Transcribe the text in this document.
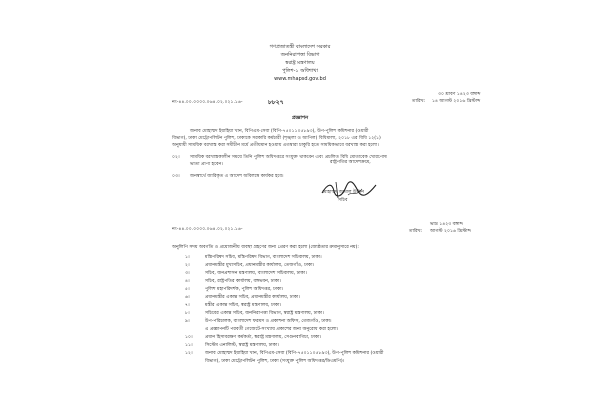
গণপ্রজাতন্ত্রী বাংলাদেশ সরকার
জননিরাপত্তা বিভাগ
স্বরাষ্ট্র মন্ত্রণালয়
পুলিশ-১ অধিশাখা
www.mhapsd.gov.bd
নং-৪৪.০০.০০০০.০৬৪.০২.০২১.১৬-	৮৮২৭
৩০ শ্রাবণ ১৪২৩ বঙ্গাব্দ
তারিখ: ১৪ আগস্ট ২০১৬ খ্রিস্টাব্দ
প্রজ্ঞাপন
জনাব মোহাম্মদ ইয়াহিয়া খান, বিপিএম-সেবা (বিপি-৭৫০১১০৫৮৯৩), উপ-পুলিশ কমিশনার (ওয়ারী
বিভাগ), ঢাকা মেট্রোপলিটন পুলিশ, ঢাকাকে সরকারি কর্মচারী (শৃঙ্খলা ও আপিল) বিধিমালা, ২০১৮ এর বিধি ১২(১)
অনুযায়ী সাময়িক বরখাস্ত করা সমীচীন মর্মে প্রতীয়মান হওয়ায় এতদ্বারা চাকুরি হতে সাময়িকভাবে বরখাস্ত করা হলো।
০২। সাময়িক বরখাস্তকালীন সময়ে তিনি পুলিশ অধিদপ্তরে সংযুক্ত থাকবেন এবং প্রচলিত বিধি মোতাবেক খোরপোষ
ভাতা প্রাপ্য হবেন।
০৩। জনস্বার্থে জারিকৃত এ আদেশ অবিলম্বে কার্যকর হবে।
রাষ্ট্রপতির আদেশক্রমে,
মোহাম্মদ জামাল উদ্দিন
সচিব
নং-৪৪.০০.০০০০.০৬৪.০২.০২১.১৬-	তারিখ:
ভাদ্র ১৪২৩ বঙ্গাব্দ
আগস্ট ২০১৬ খ্রিস্টাব্দ
অনুলিপি সদয় অবগতি ও প্রয়োজনীয় ব্যবস্থা গ্রহণের জন্য প্রেরণ করা হলো (জ্যেষ্ঠতার ক্রমানুসারে নয়):
১।	মন্ত্রিপরিষদ সচিব, মন্ত্রিপরিষদ বিভাগ, বাংলাদেশ সচিবালয়, ঢাকা।
২।	প্রধানমন্ত্রীর মুখ্যসচিব, প্রধানমন্ত্রীর কার্যালয়, তেজগাঁও, ঢাকা।
৩।	সচিব, জনপ্রশাসন মন্ত্রণালয়, বাংলাদেশ সচিবালয়, ঢাকা।
৪।	সচিব, রাষ্ট্রপতির কার্যালয়, বঙ্গভবন, ঢাকা।
৫।	পুলিশ মহাপরিদর্শক, পুলিশ অধিদপ্তর, ঢাকা।
৬।	প্রধানমন্ত্রীর একান্ত সচিব, প্রধানমন্ত্রীর কার্যালয়, ঢাকা।
৭।	মন্ত্রীর একান্ত সচিব, স্বরাষ্ট্র মন্ত্রণালয়, ঢাকা।
৮।	সচিবের একান্ত সচিব, জননিরাপত্তা বিভাগ, স্বরাষ্ট্র মন্ত্রণালয়, ঢাকা।
৯।	উপ-পরিচালক, বাংলাদেশ ফরমস ও প্রকাশনা অফিস, তেজগাঁও, ঢাকা।
এ প্রজ্ঞাপনটি পরবর্তী গেজেটে-সংখ্যায় প্রকাশের জন্য অনুরোধ করা হলো।
১০।	প্রধান হিসাবরক্ষণ কর্মকর্তা, স্বরাষ্ট্র মন্ত্রণালয়, সেগুনবাগিচা, ঢাকা।
১১।	সিস্টেম এনালিস্ট, স্বরাষ্ট্র মন্ত্রণালয়, ঢাকা।
১২।	জনাব মোহাম্মদ ইয়াহিয়া খান, বিপিএম-সেবা (বিপি-৭৫০১১০৫৮৯৩), উপ-পুলিশ কমিশনার (ওয়ারী
বিভাগ), ঢাকা মেট্রোপলিটন পুলিশ, ঢাকা (সংযুক্ত পুলিশ অধিদপ্তর/ডিএমপি)।
